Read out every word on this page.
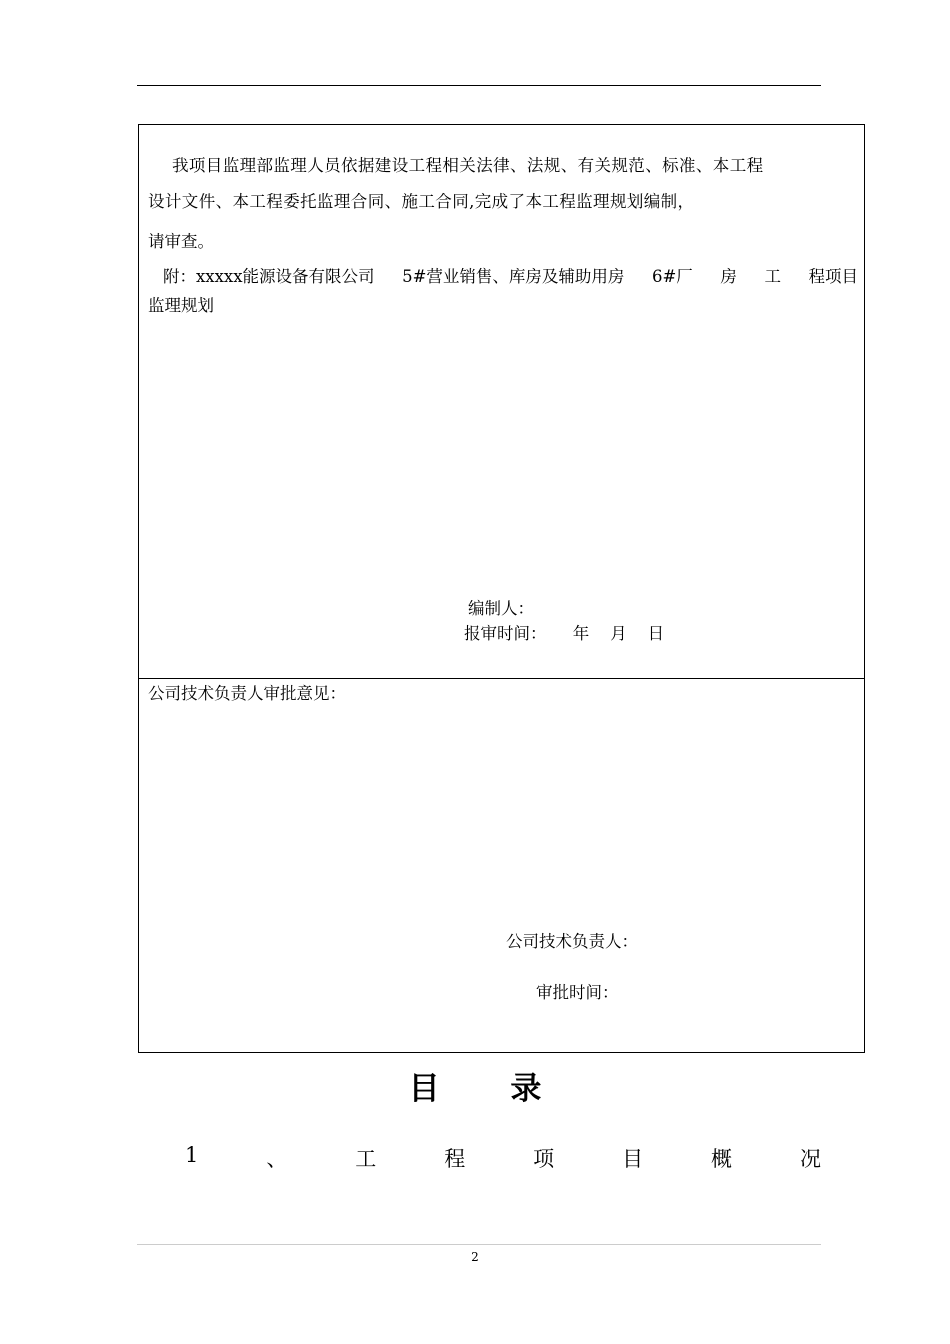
我项目监理部监理人员依据建设工程相关法律、法规、有关规范、标准、本工程
设计文件、本工程委托监理合同、施工合同,完成了本工程监理规划编制，
请审查。
附：xxxxx能源设备有限公司 5#营业销售、库房及辅助用房 6#厂 房 工 程项目
监理规划
编制人：
报审时间：     年    月    日
公司技术负责人审批意见：
公司技术负责人：
审批时间：
目 录
1	、	工	程	项	目	概	况
2
